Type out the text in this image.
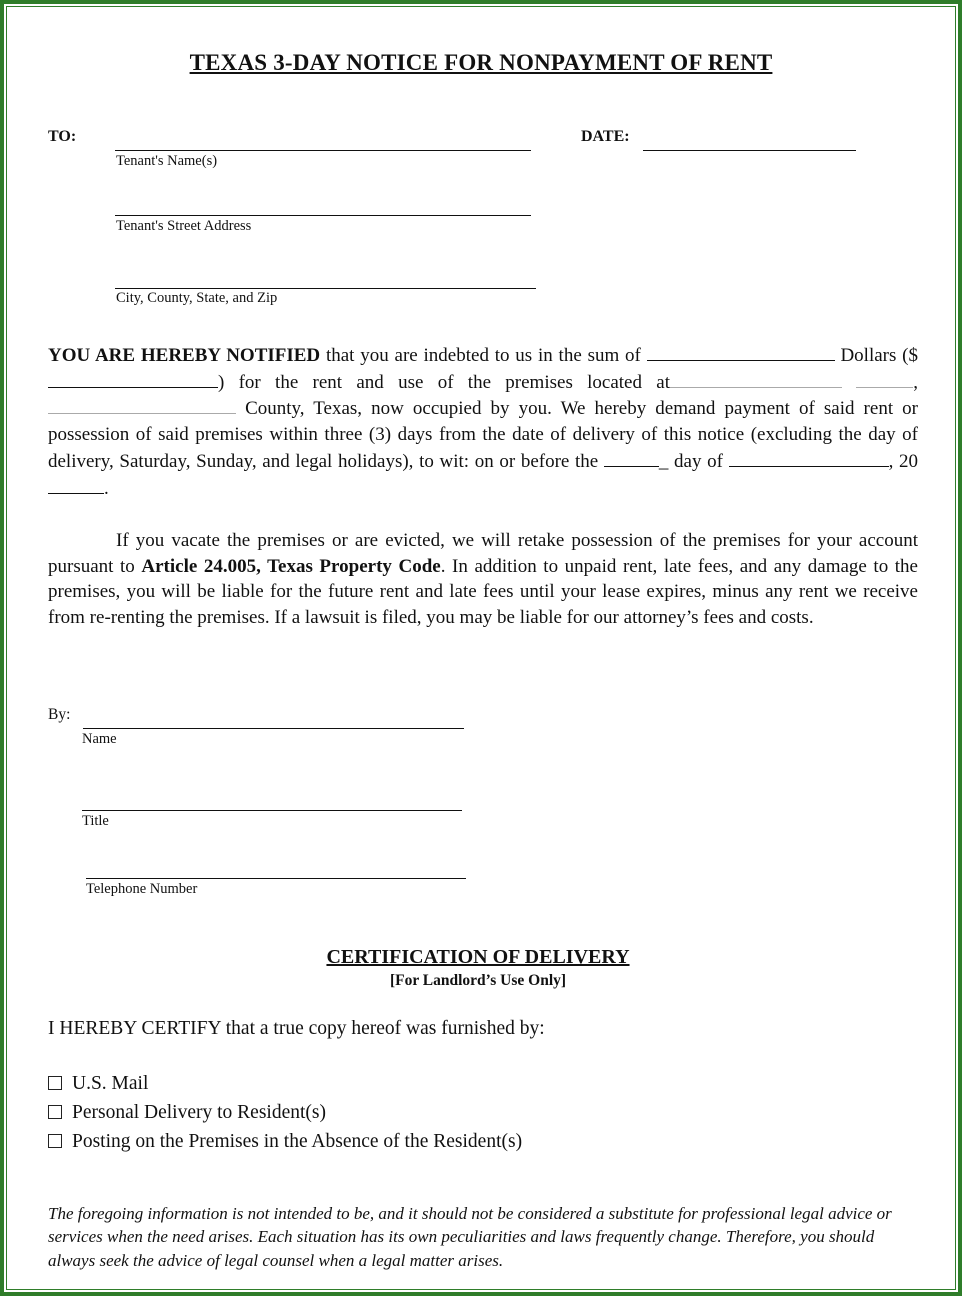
TEXAS 3-DAY NOTICE FOR NONPAYMENT OF RENT
TO:
Tenant's Name(s)
DATE:
Tenant's Street Address
City, County, State, and Zip
YOU ARE HEREBY NOTIFIED that you are indebted to us in the sum of	Dollars ($) for the rent and use of the premises located at	,  County, Texas, now occupied by you. We hereby demand payment of said rent or possession of said premises within three (3) days from the date of delivery of this notice (excluding the day of delivery, Saturday, Sunday, and legal holidays), to wit: on or before the	_ day of	, 20.
If you vacate the premises or are evicted, we will retake possession of the premises for your account pursuant to Article 24.005, Texas Property Code. In addition to unpaid rent, late fees, and any damage to the premises, you will be liable for the future rent and late fees until your lease expires, minus any rent we receive from re-renting the premises. If a lawsuit is filed, you may be liable for our attorney’s fees and costs.
By:
Name
Title
Telephone Number
CERTIFICATION OF DELIVERY
[For Landlord’s Use Only]
I HEREBY CERTIFY that a true copy hereof was furnished by:
U.S. Mail
Personal Delivery to Resident(s)
Posting on the Premises in the Absence of the Resident(s)
The foregoing information is not intended to be, and it should not be considered a substitute for professional legal advice or services when the need arises. Each situation has its own peculiarities and laws frequently change. Therefore, you should always seek the advice of legal counsel when a legal matter arises.
